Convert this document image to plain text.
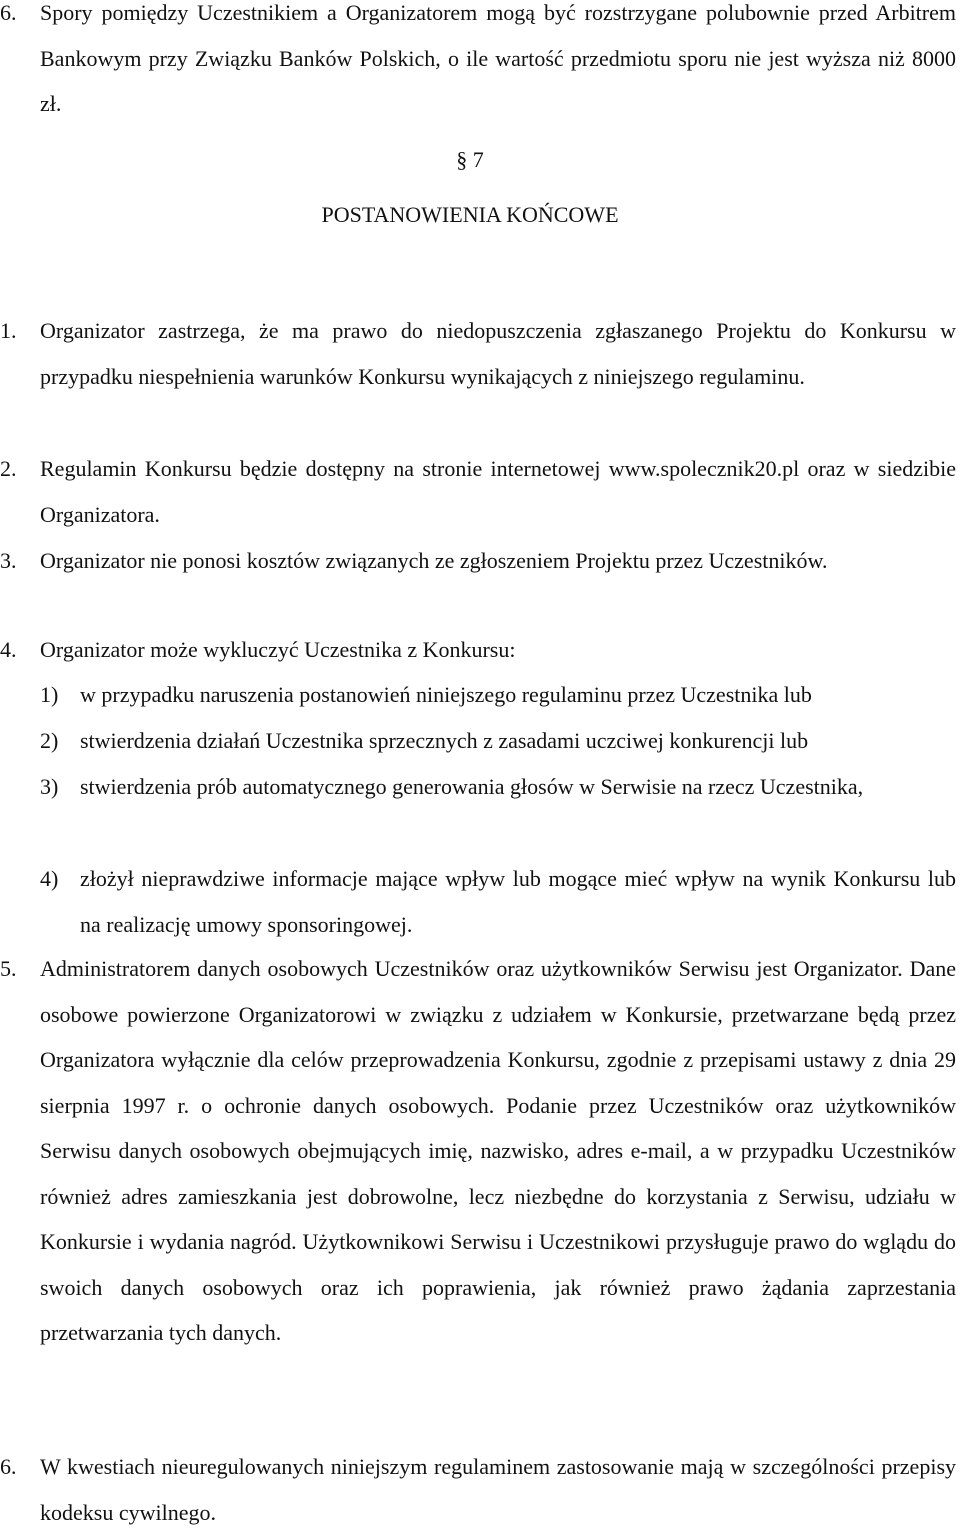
6.	Spory pomiędzy Uczestnikiem a Organizatorem mogą być rozstrzygane polubownie przed Arbitrem Bankowym przy Związku Banków Polskich, o ile wartość przedmiotu sporu nie jest wyższa niż 8000 zł.
§ 7
POSTANOWIENIA KOŃCOWE
1.	Organizator zastrzega, że ma prawo do niedopuszczenia zgłaszanego Projektu do Konkursu w przypadku niespełnienia warunków Konkursu wynikających z niniejszego regulaminu.
2.	Regulamin Konkursu będzie dostępny na stronie internetowej www.spolecznik20.pl oraz w siedzibie Organizatora.
3.	Organizator nie ponosi kosztów związanych ze zgłoszeniem Projektu przez Uczestników.
4.	Organizator może wykluczyć Uczestnika z Konkursu:
1) w przypadku naruszenia postanowień niniejszego regulaminu przez Uczestnika lub
2) stwierdzenia działań Uczestnika sprzecznych z zasadami uczciwej konkurencji lub
3) stwierdzenia prób automatycznego generowania głosów w Serwisie na rzecz Uczestnika,
4) złożył nieprawdziwe informacje mające wpływ lub mogące mieć wpływ na wynik Konkursu lub na realizację umowy sponsoringowej.
5.	Administratorem danych osobowych Uczestników oraz użytkowników Serwisu jest Organizator. Dane osobowe powierzone Organizatorowi w związku z udziałem w Konkursie, przetwarzane będą przez Organizatora wyłącznie dla celów przeprowadzenia Konkursu, zgodnie z przepisami ustawy z dnia 29 sierpnia 1997 r. o ochronie danych osobowych. Podanie przez Uczestników oraz użytkowników Serwisu danych osobowych obejmujących imię, nazwisko, adres e-mail, a w przypadku Uczestników również adres zamieszkania jest dobrowolne, lecz niezbędne do korzystania z Serwisu, udziału w Konkursie i wydania nagród. Użytkownikowi Serwisu i Uczestnikowi przysługuje prawo do wglądu do swoich danych osobowych oraz ich poprawienia, jak również prawo żądania zaprzestania przetwarzania tych danych.
6.	W kwestiach nieuregulowanych niniejszym regulaminem zastosowanie mają w szczególności przepisy kodeksu cywilnego.
